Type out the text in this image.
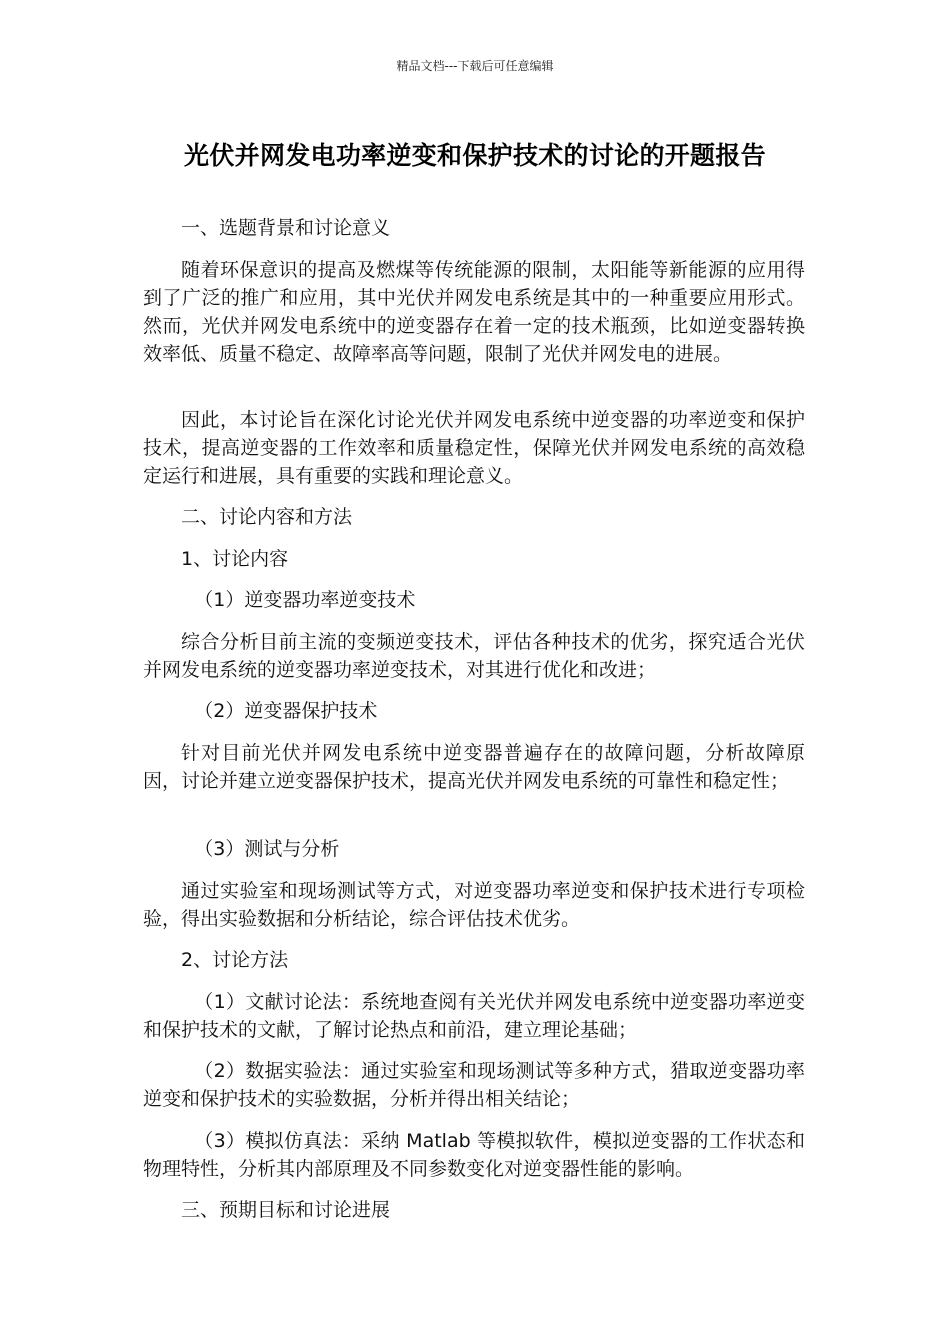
精品文档---下载后可任意编辑
光伏并网发电功率逆变和保护技术的讨论的开题报告

一、选题背景和讨论意义

随着环保意识的提高及燃煤等传统能源的限制，太阳能等新能源的应用得到了广泛的推广和应用，其中光伏并网发电系统是其中的一种重要应用形式。然而，光伏并网发电系统中的逆变器存在着一定的技术瓶颈，比如逆变器转换效率低、质量不稳定、故障率高等问题，限制了光伏并网发电的进展。

因此，本讨论旨在深化讨论光伏并网发电系统中逆变器的功率逆变和保护技术，提高逆变器的工作效率和质量稳定性，保障光伏并网发电系统的高效稳定运行和进展，具有重要的实践和理论意义。

二、讨论内容和方法

1、讨论内容

（1）逆变器功率逆变技术

综合分析目前主流的变频逆变技术，评估各种技术的优劣，探究适合光伏并网发电系统的逆变器功率逆变技术，对其进行优化和改进；

（2）逆变器保护技术

针对目前光伏并网发电系统中逆变器普遍存在的故障问题，分析故障原因，讨论并建立逆变器保护技术，提高光伏并网发电系统的可靠性和稳定性；

（3）测试与分析

通过实验室和现场测试等方式，对逆变器功率逆变和保护技术进行专项检验，得出实验数据和分析结论，综合评估技术优劣。

2、讨论方法

（1）文献讨论法：系统地查阅有关光伏并网发电系统中逆变器功率逆变和保护技术的文献，了解讨论热点和前沿，建立理论基础；

（2）数据实验法：通过实验室和现场测试等多种方式，猎取逆变器功率逆变和保护技术的实验数据，分析并得出相关结论；

（3）模拟仿真法：采纳 Matlab 等模拟软件，模拟逆变器的工作状态和物理特性，分析其内部原理及不同参数变化对逆变器性能的影响。

三、预期目标和讨论进展
